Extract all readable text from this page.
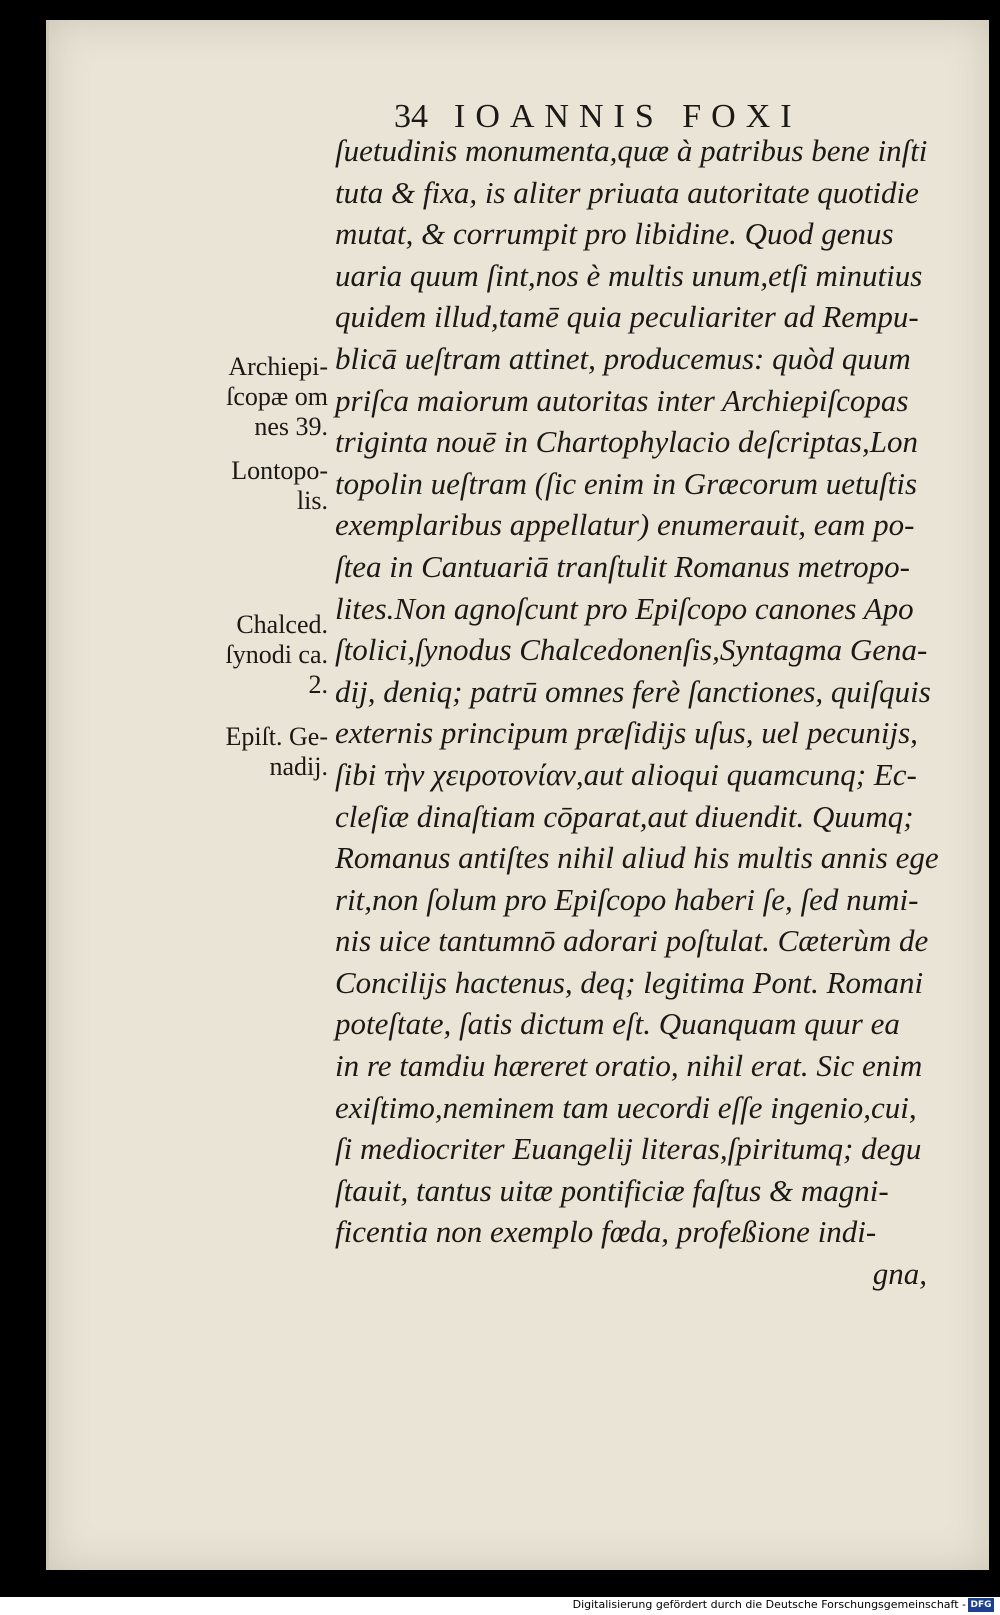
34 IOANNIS FOXI
ſuetudinis monumenta,quæ à patribus bene inſti
tuta & fixa, is aliter priuata autoritate quotidie
mutat, & corrumpit pro libidine. Quod genus
uaria quum ſint,nos è multis unum,etſi minutius
quidem illud,tamē quia peculiariter ad Rempu-
blicā ueſtram attinet, producemus: quòd quum
priſca maiorum autoritas inter Archiepiſcopas
triginta nouē in Chartophylacio deſcriptas,Lon
topolin ueſtram (ſic enim in Græcorum uetuſtis
exemplaribus appellatur) enumerauit, eam po-
ſtea in Cantuariā tranſtulit Romanus metropo-
lites.Non agnoſcunt pro Epiſcopo canones Apo
ſtolici,ſynodus Chalcedonenſis,Syntagma Gena-
dij, deniq; patrū omnes ferè ſanctiones, quiſquis
externis principum præſidijs uſus, uel pecunijs,
ſibi τὴν χειροτονίαν,aut alioqui quamcunq; Ec-
cleſiæ dinaſtiam cōparat,aut diuendit. Quumq;
Romanus antiſtes nihil aliud his multis annis ege
rit,non ſolum pro Epiſcopo haberi ſe, ſed numi-
nis uice tantumnō adorari poſtulat. Cæterùm de
Concilijs hactenus, deq; legitima Pont. Romani
poteſtate, ſatis dictum eſt. Quanquam quur ea
in re tamdiu hæreret oratio, nihil erat. Sic enim
exiſtimo,neminem tam uecordi eſſe ingenio,cui,
ſi mediocriter Euangelij literas,ſpiritumq; degu
ſtauit, tantus uitæ pontificiæ faſtus & magni-
ficentia non exemplo fœda, profeßione indi-
gna,
Archiepi-
ſcopæ om
nes 39.
Lontopo-
lis.
Chalced.
ſynodi ca.
2.
Epiſt. Ge-
nadij.
Digitalisierung gefördert durch die Deutsche Forschungsgemeinschaft - DFG
